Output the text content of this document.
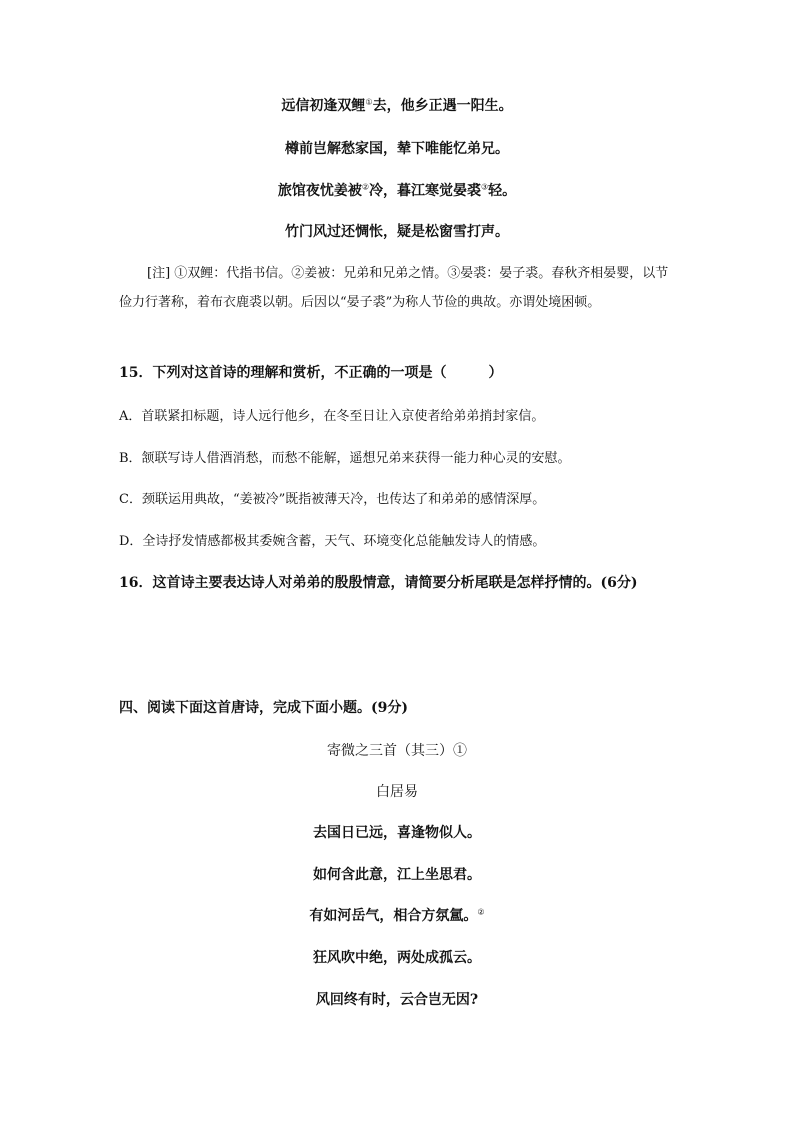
远信初逢双鲤①去，他乡正遇一阳生。
樽前岂解愁家国，辇下唯能忆弟兄。
旅馆夜忧姜被②冷，暮江寒觉晏裘③轻。
竹门风过还惆怅，疑是松窗雪打声。
[注] ①双鲤：代指书信。②姜被：兄弟和兄弟之情。③晏裘：晏子裘。春秋齐相晏婴，以节俭力行著称，着布衣鹿裘以朝。后因以“晏子裘”为称人节俭的典故。亦谓处境困顿。
15．下列对这首诗的理解和赏析，不正确的一项是（　　　）
A．首联紧扣标题，诗人远行他乡，在冬至日让入京使者给弟弟捎封家信。
B．颔联写诗人借酒消愁，而愁不能解，遥想兄弟来获得一能力种心灵的安慰。
C．颈联运用典故，“姜被冷”既指被薄天冷，也传达了和弟弟的感情深厚。
D．全诗抒发情感都极其委婉含蓄，天气、环境变化总能触发诗人的情感。
16．这首诗主要表达诗人对弟弟的殷殷情意，请简要分析尾联是怎样抒情的。(6分)
四、阅读下面这首唐诗，完成下面小题。(9分)
寄微之三首（其三）①
白居易
去国日已远，喜逢物似人。
如何含此意，江上坐思君。
有如河岳气，相合方氛氲。②
狂风吹中绝，两处成孤云。
风回终有时，云合岂无因?
